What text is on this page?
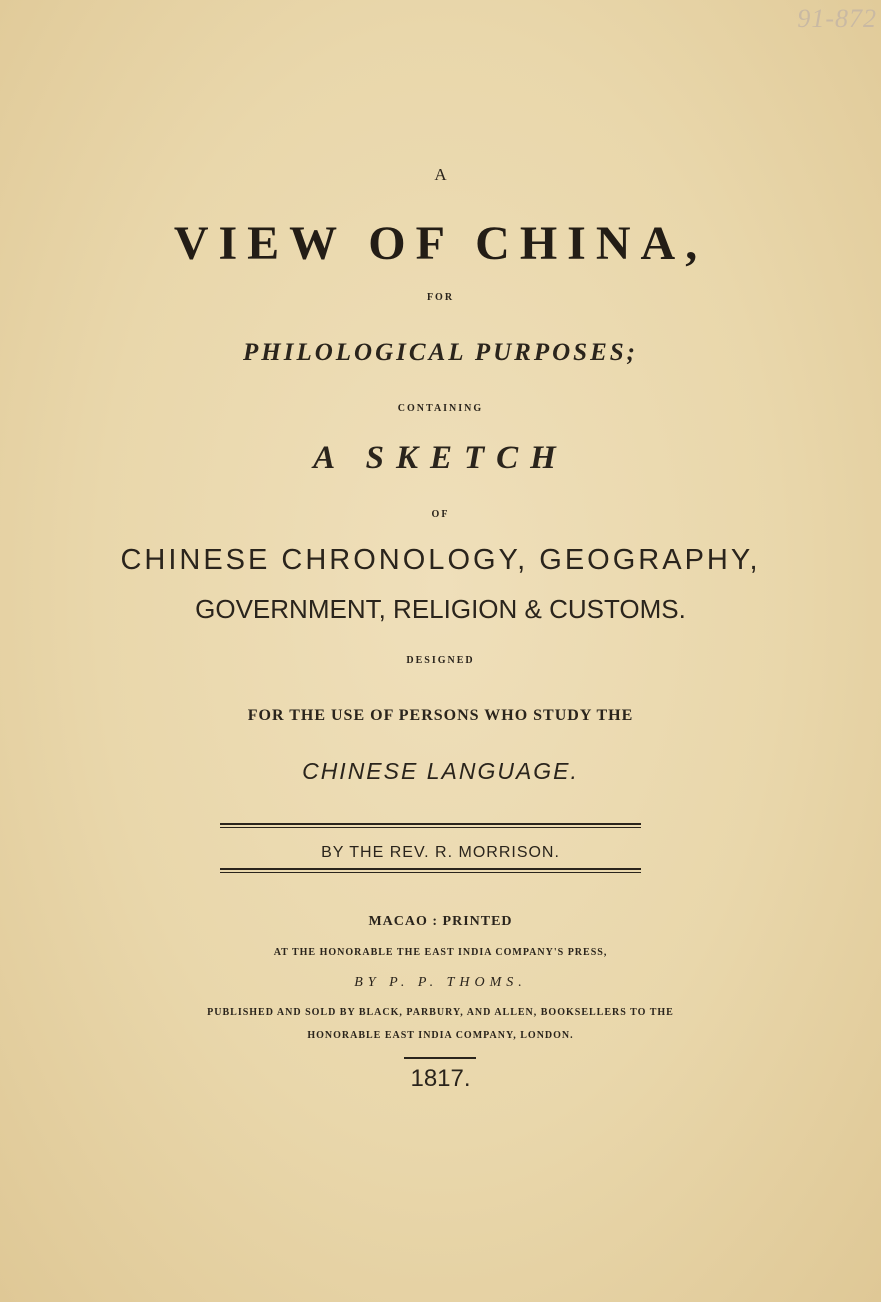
91-872
A
VIEW OF CHINA,
FOR
PHILOLOGICAL PURPOSES;
CONTAINING
A SKETCH
OF
CHINESE CHRONOLOGY, GEOGRAPHY,
GOVERNMENT, RELIGION & CUSTOMS.
DESIGNED
FOR THE USE OF PERSONS WHO STUDY THE
CHINESE LANGUAGE.
BY THE REV. R. MORRISON.
MACAO : PRINTED
AT THE HONORABLE THE EAST INDIA COMPANY'S PRESS,
BY P. P. THOMS.
PUBLISHED AND SOLD BY BLACK, PARBURY, AND ALLEN, BOOKSELLERS TO THE
HONORABLE EAST INDIA COMPANY, LONDON.
1817.
